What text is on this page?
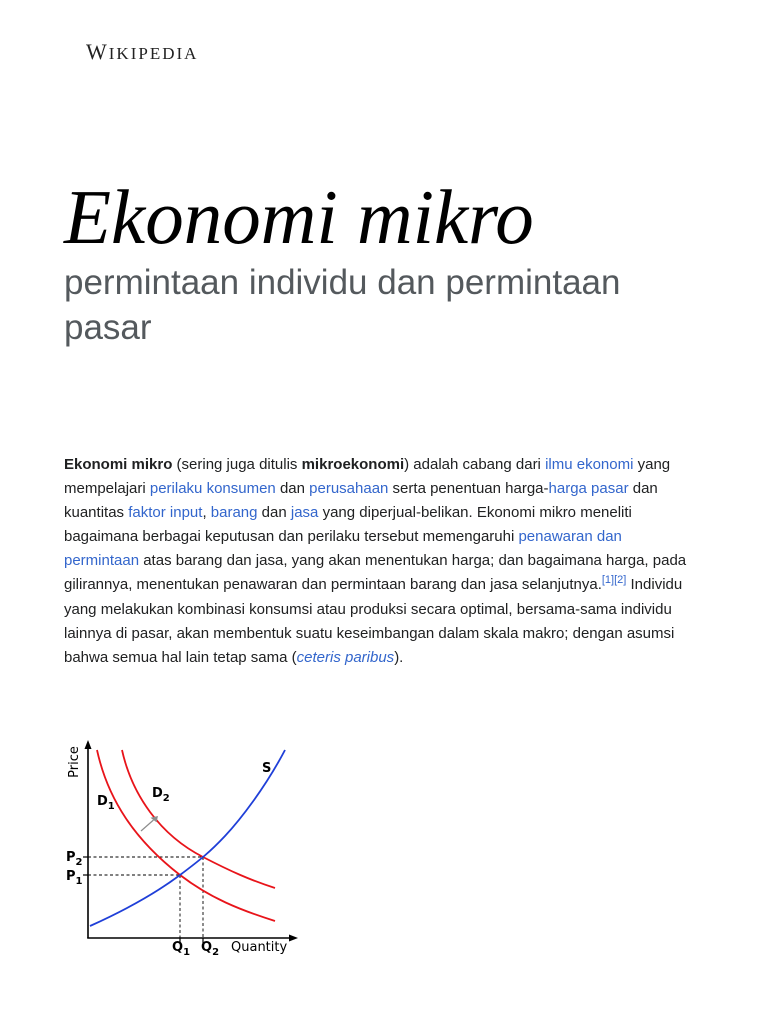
WIKIPEDIA
Ekonomi mikro
permintaan individu dan permintaan pasar

Ekonomi mikro (sering juga ditulis mikroekonomi) adalah cabang dari ilmu ekonomi yang mempelajari perilaku konsumen dan perusahaan serta penentuan harga-harga pasar dan kuantitas faktor input, barang dan jasa yang diperjual-belikan. Ekonomi mikro meneliti bagaimana berbagai keputusan dan perilaku tersebut memengaruhi penawaran dan permintaan atas barang dan jasa, yang akan menentukan harga; dan bagaimana harga, pada gilirannya, menentukan penawaran dan permintaan barang dan jasa selanjutnya.[1][2] Individu yang melakukan kombinasi konsumsi atau produksi secara optimal, bersama-sama individu lainnya di pasar, akan membentuk suatu keseimbangan dalam skala makro; dengan asumsi bahwa semua hal lain tetap sama (ceteris paribus).

Price
Quantity
S
$D_1$
$D_2$
$P_2$
$P_1$
$Q_1$ $Q_2$
